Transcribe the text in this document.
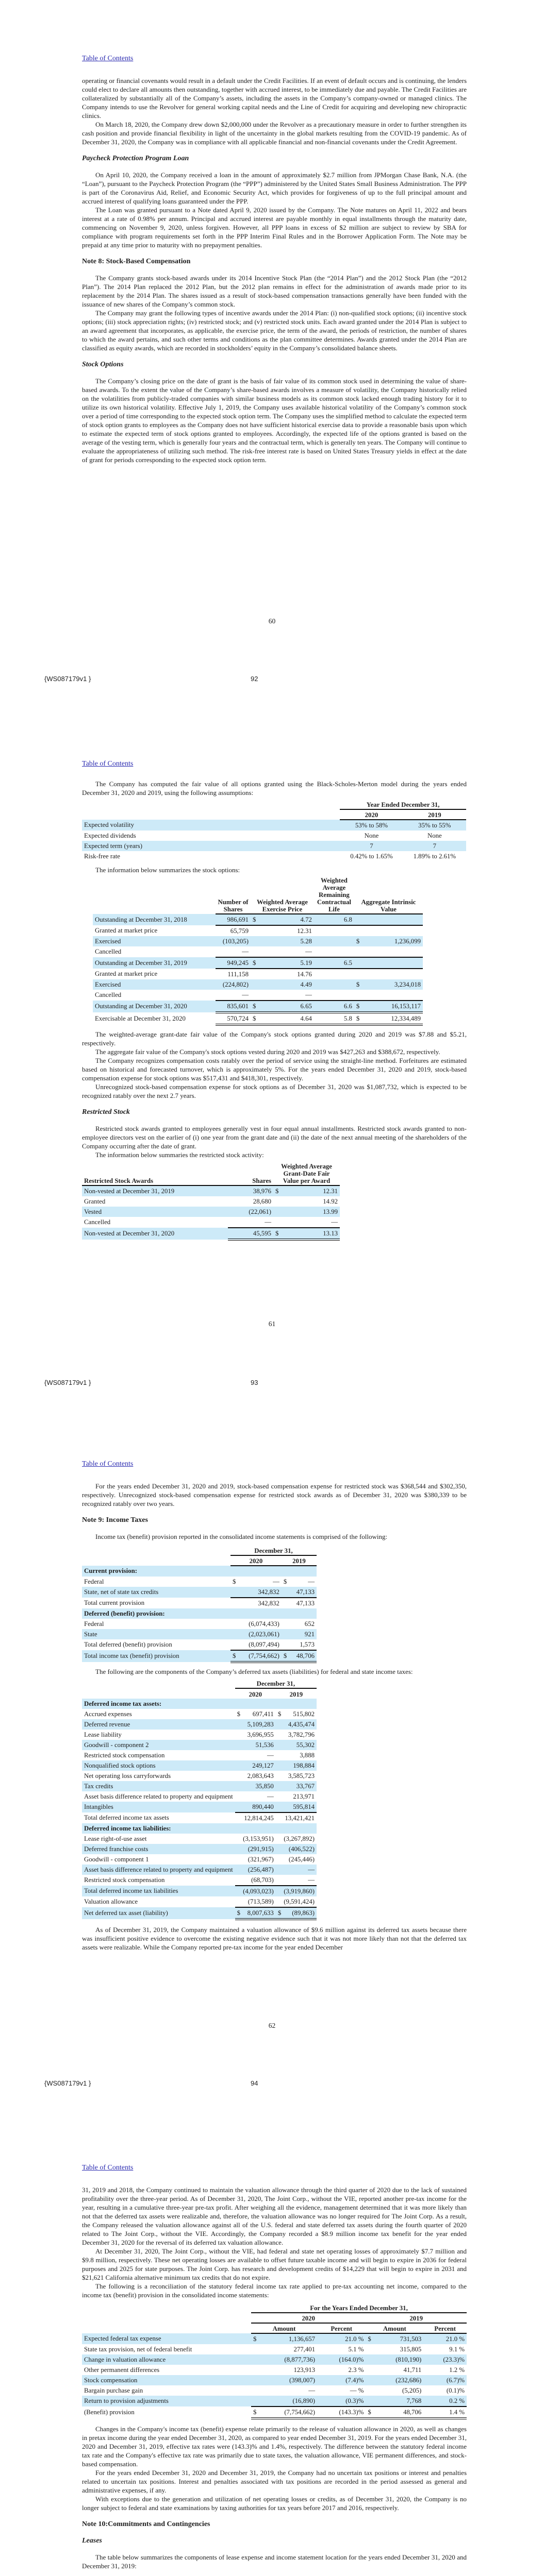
Table of Contents

operating or financial covenants would result in a default under the Credit Facilities. If an event of default occurs and is continuing, the lenders could elect to declare all amounts then outstanding, together with accrued interest, to be immediately due and payable. The Credit Facilities are collateralized by substantially all of the Company’s assets, including the assets in the Company’s company-owned or managed clinics. The Company intends to use the Revolver for general working capital needs and the Line of Credit for acquiring and developing new chiropractic clinics.

On March 18, 2020, the Company drew down $2,000,000 under the Revolver as a precautionary measure in order to further strengthen its cash position and provide financial flexibility in light of the uncertainty in the global markets resulting from the COVID-19 pandemic. As of December 31, 2020, the Company was in compliance with all applicable financial and non-financial covenants under the Credit Agreement.

Paycheck Protection Program Loan

On April 10, 2020, the Company received a loan in the amount of approximately $2.7 million from JPMorgan Chase Bank, N.A. (the “Loan”), pursuant to the Paycheck Protection Program (the “PPP”) administered by the United States Small Business Administration. The PPP is part of the Coronavirus Aid, Relief, and Economic Security Act, which provides for forgiveness of up to the full principal amount and accrued interest of qualifying loans guaranteed under the PPP.

The Loan was granted pursuant to a Note dated April 9, 2020 issued by the Company. The Note matures on April 11, 2022 and bears interest at a rate of 0.98% per annum. Principal and accrued interest are payable monthly in equal installments through the maturity date, commencing on November 9, 2020, unless forgiven. However, all PPP loans in excess of $2 million are subject to review by SBA for compliance with program requirements set forth in the PPP Interim Final Rules and in the Borrower Application Form. The Note may be prepaid at any time prior to maturity with no prepayment penalties.

Note 8: Stock-Based Compensation

The Company grants stock-based awards under its 2014 Incentive Stock Plan (the “2014 Plan”) and the 2012 Stock Plan (the “2012 Plan”). The 2014 Plan replaced the 2012 Plan, but the 2012 plan remains in effect for the administration of awards made prior to its replacement by the 2014 Plan. The shares issued as a result of stock-based compensation transactions generally have been funded with the issuance of new shares of the Company’s common stock.

The Company may grant the following types of incentive awards under the 2014 Plan: (i) non-qualified stock options; (ii) incentive stock options; (iii) stock appreciation rights; (iv) restricted stock; and (v) restricted stock units. Each award granted under the 2014 Plan is subject to an award agreement that incorporates, as applicable, the exercise price, the term of the award, the periods of restriction, the number of shares to which the award pertains, and such other terms and conditions as the plan committee determines. Awards granted under the 2014 Plan are classified as equity awards, which are recorded in stockholders’ equity in the Company’s consolidated balance sheets.

Stock Options

The Company’s closing price on the date of grant is the basis of fair value of its common stock used in determining the value of share-based awards. To the extent the value of the Company’s share-based awards involves a measure of volatility, the Company historically relied on the volatilities from publicly-traded companies with similar business models as its common stock lacked enough trading history for it to utilize its own historical volatility. Effective July 1, 2019, the Company uses available historical volatility of the Company’s common stock over a period of time corresponding to the expected stock option term. The Company uses the simplified method to calculate the expected term of stock option grants to employees as the Company does not have sufficient historical exercise data to provide a reasonable basis upon which to estimate the expected term of stock options granted to employees. Accordingly, the expected life of the options granted is based on the average of the vesting term, which is generally four years and the contractual term, which is generally ten years. The Company will continue to evaluate the appropriateness of utilizing such method. The risk-free interest rate is based on United States Treasury yields in effect at the date of grant for periods corresponding to the expected stock option term.

60
{WS087179v1 }	92
Table of Contents

The Company has computed the fair value of all options granted using the Black-Scholes-Merton model during the years ended December 31, 2020 and 2019, using the following assumptions:

	Year Ended December 31,	
	2020	2019
Expected volatility	53% to 58%	35% to 55%
Expected dividends	None	None
Expected term (years)	7	7
Risk-free rate	0.42% to 1.65%	1.89% to 2.61%

The information below summarizes the stock options:

	Number of Shares	Weighted Average Exercise Price		Weighted Average Remaining Contractual Life	Aggregate Intrinsic Value	
Outstanding at December 31, 2018	986,691	$	4.72	6.8		
Granted at market price	65,759		12.31			
Exercised	(103,205)		5.28		$	1,236,099
Cancelled	—		—			
Outstanding at December 31, 2019	949,245	$	5.19	6.5		
Granted at market price	111,158		14.76			
Exercised	(224,802)		4.49		$	3,234,018
Cancelled	—		—			
Outstanding at December 31, 2020	835,601	$	6.65	6.6	$	16,153,117
Exercisable at December 31, 2020	570,724	$	4.64	5.8	$	12,334,489

The weighted-average grant-date fair value of the Company's stock options granted during 2020 and 2019 was $7.88 and $5.21, respectively.

The aggregate fair value of the Company's stock options vested during 2020 and 2019 was $427,263 and $388,672, respectively.

The Company recognizes compensation costs ratably over the period of service using the straight-line method. Forfeitures are estimated based on historical and forecasted turnover, which is approximately 5%. For the years ended December 31, 2020 and 2019, stock-based compensation expense for stock options was $517,431 and $418,301, respectively.

Unrecognized stock-based compensation expense for stock options as of December 31, 2020 was $1,087,732, which is expected to be recognized ratably over the next 2.7 years.

Restricted Stock

Restricted stock awards granted to employees generally vest in four equal annual installments. Restricted stock awards granted to non-employee directors vest on the earlier of (i) one year from the grant date and (ii) the date of the next annual meeting of the shareholders of the Company occurring after the date of grant.

The information below summaries the restricted stock activity:

Restricted Stock Awards	Shares	Weighted Average Grant-Date Fair Value per Award	
Non-vested at December 31, 2019	38,976	$	12.31
Granted	28,680		14.92
Vested	(22,061)		13.99
Cancelled	—		—
Non-vested at December 31, 2020	45,595	$	13.13
61
{WS087179v1 }	93
Table of Contents

For the years ended December 31, 2020 and 2019, stock-based compensation expense for restricted stock was $368,544 and $302,350, respectively. Unrecognized stock-based compensation expense for restricted stock awards as of December 31, 2020 was $380,339 to be recognized ratably over two years.

Note 9: Income Taxes

Income tax (benefit) provision reported in the consolidated income statements is comprised of the following:

	December 31,			
	2020		2019	
Current provision:				
Federal	$	—	$	—
State, net of state tax credits		342,832		47,133
Total current provision		342,832		47,133
Deferred (benefit) provision:				
Federal		(6,074,433)		652
State		(2,023,061)		921
Total deferred (benefit) provision		(8,097,494)		1,573
Total income tax (benefit) provision	$	(7,754,662)	$	48,706

The following are the components of the Company’s deferred tax assets (liabilities) for federal and state income taxes:

	December 31,			
	2020		2019	
Deferred income tax assets:				
Accrued expenses	$	697,411	$	515,802
Deferred revenue		5,109,283		4,435,474
Lease liability		3,696,955		3,782,796
Goodwill - component 2		51,536		55,302
Restricted stock compensation		—		3,888
Nonqualified stock options		249,127		198,884
Net operating loss carryforwards		2,083,643		3,585,723
Tax credits		35,850		33,767
Asset basis difference related to property and equipment		—		213,971
Intangibles		890,440		595,814
Total deferred income tax assets		12,814,245		13,421,421
Deferred income tax liabilities:				
Lease right-of-use asset		(3,153,951)		(3,267,892)
Deferred franchise costs		(291,915)		(406,522)
Goodwill - component 1		(321,967)		(245,446)
Asset basis difference related to property and equipment		(256,487)		—
Restricted stock compensation		(68,703)		—
Total deferred income tax liabilities		(4,093,023)		(3,919,860)
Valuation allowance		(713,589)		(9,591,424)
Net deferred tax asset (liability)	$	8,007,633	$	(89,863)

As of December 31, 2019, the Company maintained a valuation allowance of $9.6 million against its deferred tax assets because there was insufficient positive evidence to overcome the existing negative evidence such that it was not more likely than not that the deferred tax assets were realizable. While the Company reported pre-tax income for the year ended December

62
{WS087179v1 }	94
Table of Contents

31, 2019 and 2018, the Company continued to maintain the valuation allowance through the third quarter of 2020 due to the lack of sustained profitability over the three-year period. As of December 31, 2020, The Joint Corp., without the VIE, reported another pre-tax income for the year, resulting in a cumulative three-year pre-tax profit. After weighing all the evidence, management determined that it was more likely than not that the deferred tax assets were realizable and, therefore, the valuation allowance was no longer required for The Joint Corp. As a result, the Company released the valuation allowance against all of the U.S. federal and state deferred tax assets during the fourth quarter of 2020 related to The Joint Corp., without the VIE. Accordingly, the Company recorded a $8.9 million income tax benefit for the year ended December 31, 2020 for the reversal of its deferred tax valuation allowance.

At December 31, 2020, The Joint Corp., without the VIE, had federal and state net operating losses of approximately $7.7 million and $9.8 million, respectively. These net operating losses are available to offset future taxable income and will begin to expire in 2036 for federal purposes and 2025 for state purposes. The Joint Corp. has research and development credits of $14,229 that will begin to expire in 2031 and $21,621 California alternative minimum tax credits that do not expire.

The following is a reconciliation of the statutory federal income tax rate applied to pre-tax accounting net income, compared to the income tax (benefit) provision in the consolidated income statements:

	For the Years Ended December 31,					
	2020			2019		
	Amount		Percent	Amount		Percent
Expected federal tax expense	$	1,136,657	21.0 %	$	731,503	21.0 %
State tax provision, net of federal benefit		277,401	5.1 %		315,805	9.1 %
Change in valuation allowance		(8,877,736)	(164.0)%		(810,190)	(23.3)%
Other permanent differences		123,913	2.3 %		41,711	1.2 %
Stock compensation		(398,007)	(7.4)%		(232,686)	(6.7)%
Bargain purchase gain		—	— %		(5,205)	(0.1)%
Return to provision adjustments		(16,890)	(0.3)%		7,768	0.2 %
(Benefit) provision	$	(7,754,662)	(143.3)%	$	48,706	1.4 %

Changes in the Company's income tax (benefit) expense relate primarily to the release of valuation allowance in 2020, as well as changes in pretax income during the year ended December 31, 2020, as compared to year ended December 31, 2019. For the years ended December 31, 2020 and December 31, 2019, effective tax rates were (143.3)% and 1.4%, respectively. The difference between the statutory federal income tax rate and the Company's effective tax rate was primarily due to state taxes, the valuation allowance, VIE permanent differences, and stock-based compensation.

For the years ended December 31, 2020 and December 31, 2019, the Company had no uncertain tax positions or interest and penalties related to uncertain tax positions. Interest and penalties associated with tax positions are recorded in the period assessed as general and administrative expenses, if any.

With exceptions due to the generation and utilization of net operating losses or credits, as of December 31, 2020, the Company is no longer subject to federal and state examinations by taxing authorities for tax years before 2017 and 2016, respectively.

Note 10:Commitments and Contingencies
Leases

The table below summarizes the components of lease expense and income statement location for the years ended December 31, 2020 and December 31, 2019:
